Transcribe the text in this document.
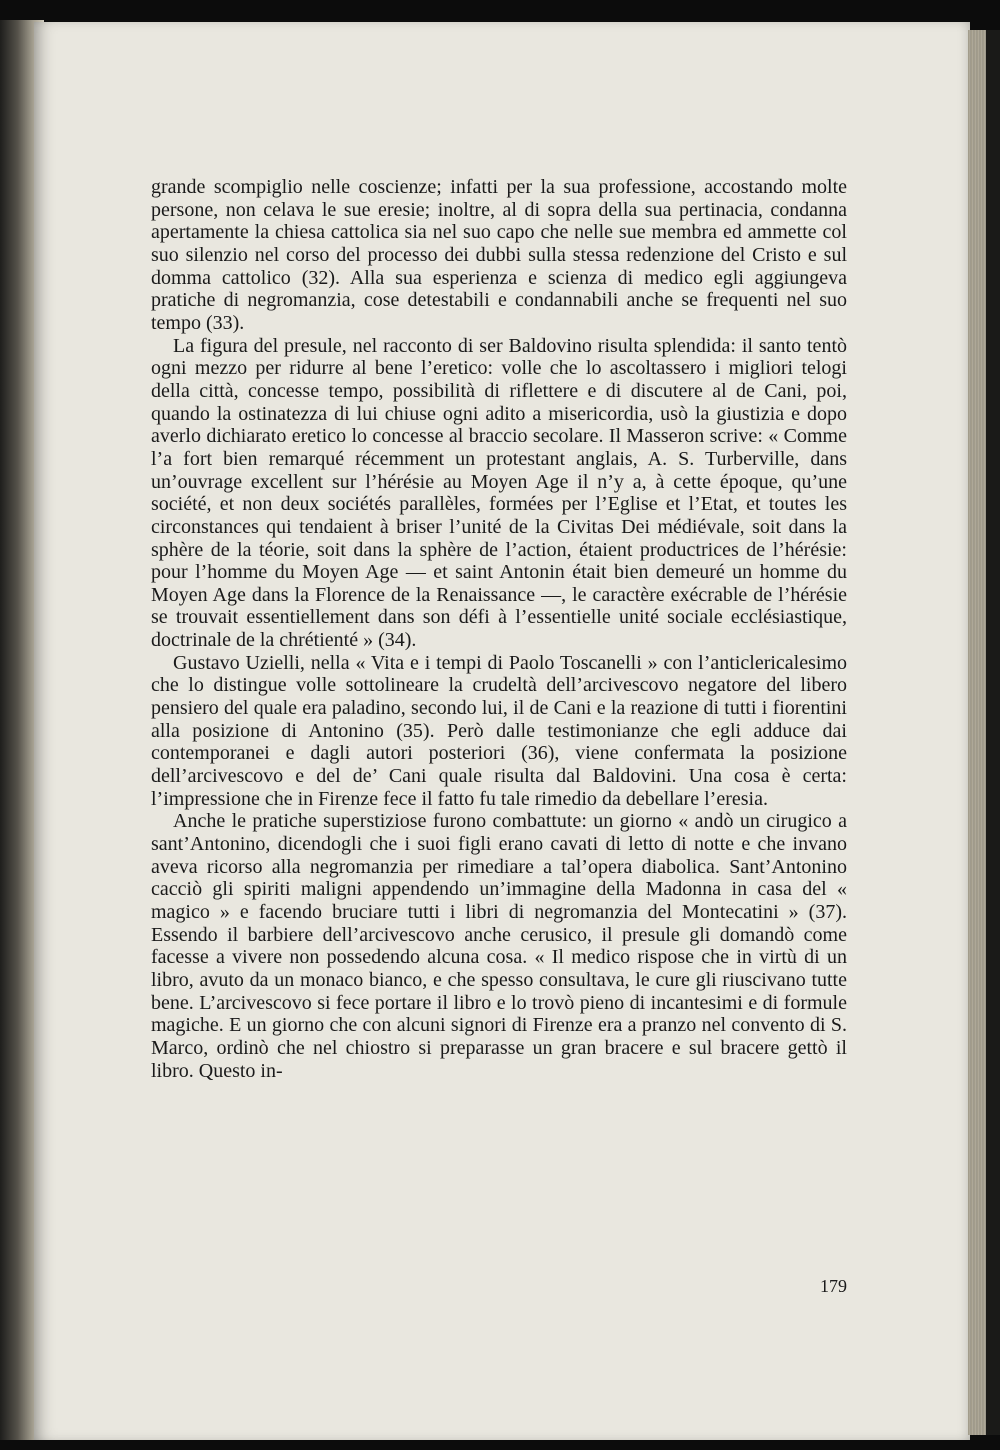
grande scompiglio nelle coscienze; infatti per la sua professione, accostando molte persone, non celava le sue eresie; inoltre, al di sopra della sua pertinacia, condanna apertamente la chiesa cattolica sia nel suo capo che nelle sue membra ed ammette col suo silenzio nel corso del processo dei dubbi sulla stessa redenzione del Cristo e sul domma cattolico (32). Alla sua esperienza e scienza di medico egli aggiungeva pratiche di negromanzia, cose detestabili e condannabili anche se frequenti nel suo tempo (33).

La figura del presule, nel racconto di ser Baldovino risulta splendida: il santo tentò ogni mezzo per ridurre al bene l’eretico: volle che lo ascoltassero i migliori telogi della città, concesse tempo, possibilità di riflettere e di discutere al de Cani, poi, quando la ostinatezza di lui chiuse ogni adito a misericordia, usò la giustizia e dopo averlo dichiarato eretico lo concesse al braccio secolare. Il Masseron scrive: « Comme l’a fort bien remarqué récemment un protestant anglais, A. S. Turberville, dans un’ouvrage excellent sur l’hérésie au Moyen Age il n’y a, à cette époque, qu’une société, et non deux sociétés parallèles, formées per l’Eglise et l’Etat, et toutes les circonstances qui tendaient à briser l’unité de la Civitas Dei médiévale, soit dans la sphère de la téorie, soit dans la sphère de l’action, étaient productrices de l’hérésie: pour l’homme du Moyen Age — et saint Antonin était bien demeuré un homme du Moyen Age dans la Florence de la Renaissance —, le caractère exécrable de l’hérésie se trouvait essentiellement dans son défi à l’essentielle unité sociale ecclésiastique, doctrinale de la chrétienté » (34).

Gustavo Uzielli, nella « Vita e i tempi di Paolo Toscanelli » con l’anticlericalesimo che lo distingue volle sottolineare la crudeltà dell’arcivescovo negatore del libero pensiero del quale era paladino, secondo lui, il de Cani e la reazione di tutti i fiorentini alla posizione di Antonino (35). Però dalle testimonianze che egli adduce dai contemporanei e dagli autori posteriori (36), viene confermata la posizione dell’arcivescovo e del de’ Cani quale risulta dal Baldovini. Una cosa è certa: l’impressione che in Firenze fece il fatto fu tale rimedio da debellare l’eresia.

Anche le pratiche superstiziose furono combattute: un giorno « andò un cirugico a sant’Antonino, dicendogli che i suoi figli erano cavati di letto di notte e che invano aveva ricorso alla negromanzia per rimediare a tal’opera diabolica. Sant’Antonino cacciò gli spiriti maligni appendendo un’immagine della Madonna in casa del « magico » e facendo bruciare tutti i libri di negromanzia del Montecatini » (37). Essendo il barbiere dell’arcivescovo anche cerusico, il presule gli domandò come facesse a vivere non possedendo alcuna cosa. « Il medico rispose che in virtù di un libro, avuto da un monaco bianco, e che spesso consultava, le cure gli riuscivano tutte bene. L’arcivescovo si fece portare il libro e lo trovò pieno di incantesimi e di formule magiche. E un giorno che con alcuni signori di Firenze era a pranzo nel convento di S. Marco, ordinò che nel chiostro si preparasse un gran bracere e sul bracere gettò il libro. Questo in-

179
